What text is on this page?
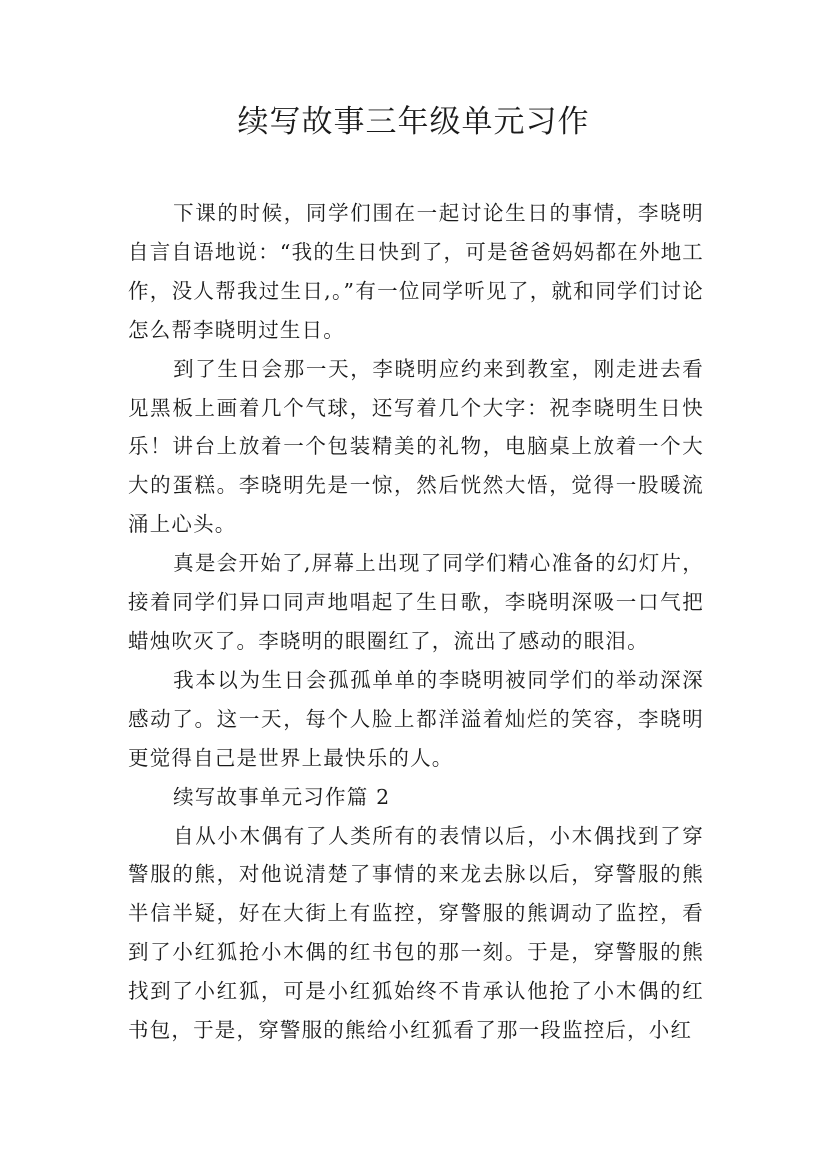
续写故事三年级单元习作

下课的时候，同学们围在一起讨论生日的事情，李晓明自言自语地说：“我的生日快到了，可是爸爸妈妈都在外地工作，没人帮我过生日,。”有一位同学听见了，就和同学们讨论怎么帮李晓明过生日。

到了生日会那一天，李晓明应约来到教室，刚走进去看见黑板上画着几个气球，还写着几个大字：祝李晓明生日快乐！讲台上放着一个包装精美的礼物，电脑桌上放着一个大大的蛋糕。李晓明先是一惊，然后恍然大悟，觉得一股暖流涌上心头。

真是会开始了,屏幕上出现了同学们精心准备的幻灯片，接着同学们异口同声地唱起了生日歌，李晓明深吸一口气把蜡烛吹灭了。李晓明的眼圈红了，流出了感动的眼泪。

我本以为生日会孤孤单单的李晓明被同学们的举动深深感动了。这一天，每个人脸上都洋溢着灿烂的笑容，李晓明更觉得自己是世界上最快乐的人。

续写故事单元习作篇 2

自从小木偶有了人类所有的表情以后，小木偶找到了穿警服的熊，对他说清楚了事情的来龙去脉以后，穿警服的熊半信半疑，好在大街上有监控，穿警服的熊调动了监控，看到了小红狐抢小木偶的红书包的那一刻。于是，穿警服的熊找到了小红狐，可是小红狐始终不肯承认他抢了小木偶的红书包，于是，穿警服的熊给小红狐看了那一段监控后，小红
